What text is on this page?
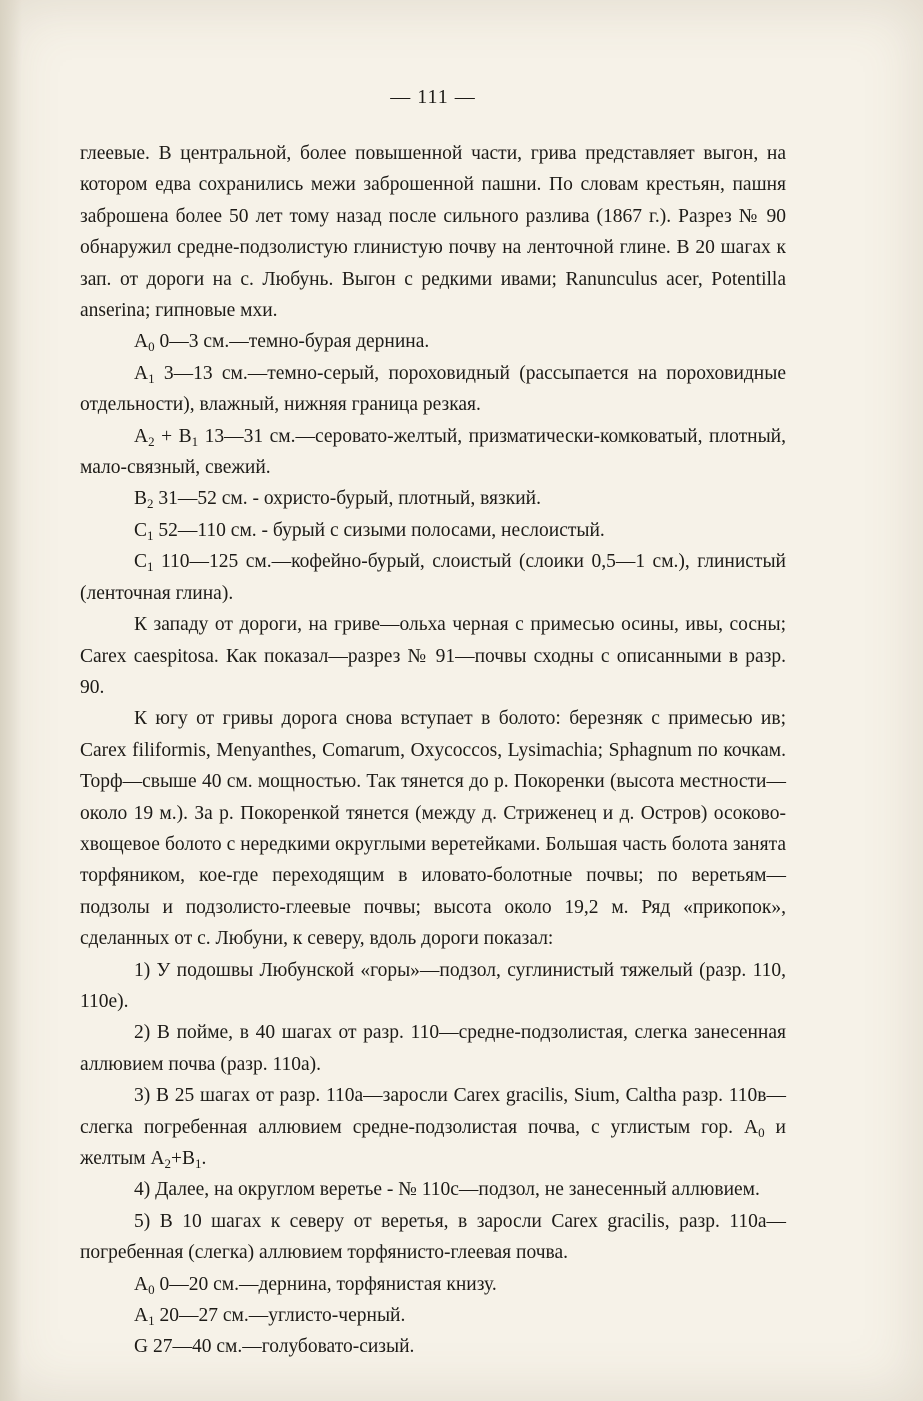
— 111 —

глеевые. В центральной, более повышенной части, грива представляет выгон, на котором едва сохранились межи заброшенной пашни. По словам крестьян, пашня заброшена более 50 лет тому назад после сильного разлива (1867 г.). Разрез № 90 обнаружил средне-подзолистую глинистую почву на ленточной глине. В 20 шагах к зап. от дороги на с. Любунь. Выгон с редкими ивами; Ranunculus acer, Potentilla anserina; гипновые мхи.

$A_0$ 0—3 см.—темно-бурая дернина.

$A_1$ 3—13 см.—темно-серый, пороховидный (рассыпается на пороховидные отдельности), влажный, нижняя граница резкая.

$A_2 + B_1$ 13—31 см.—серовато-желтый, призматически-комковатый, плотный, мало-связный, свежий.

$B_2$ 31—52 см. - охристо-бурый, плотный, вязкий.

$C_1$ 52—110 см. - бурый с сизыми полосами, неслоистый.

$C_1$ 110—125 см.—кофейно-бурый, слоистый (слоики 0,5—1 см.), глинистый (ленточная глина).

К западу от дороги, на гриве—ольха черная с примесью осины, ивы, сосны; Carex caespitosa. Как показал—разрез № 91—почвы сходны с описанными в разр. 90.

К югу от гривы дорога снова вступает в болото: березняк с примесью ив; Carex filiformis, Menyanthes, Comarum, Oxycoccos, Lysimachia; Sphagnum по кочкам. Торф—свыше 40 см. мощностью. Так тянется до р. Покоренки (высота местности—около 19 м.). За р. Покоренкой тянется (между д. Стриженец и д. Остров) осоково-хвощевое болото с нередкими округлыми веретейками. Большая часть болота занята торфяником, кое-где переходящим в иловато-болотные почвы; по веретьям—подзолы и подзолисто-глеевые почвы; высота около 19,2 м. Ряд «прикопок», сделанных от с. Любуни, к северу, вдоль дороги показал:

1) У подошвы Любунской «горы»—подзол, суглинистый тяжелый (разр. 110, 110е).

2) В пойме, в 40 шагах от разр. 110—средне-подзолистая, слегка занесенная аллювием почва (разр. 110а).

3) В 25 шагах от разр. 110а—заросли Carex gracilis, Sium, Caltha разр. 110в—слегка погребенная аллювием средне-подзолистая почва, с углистым гор. $A_0$ и желтым $A_2+B_1$.

4) Далее, на округлом веретье - № 110с—подзол, не занесенный аллювием.

5) В 10 шагах к северу от веретья, в заросли Carex gracilis, разр. 110а—погребенная (слегка) аллювием торфянисто-глеевая почва.

$A_0$ 0—20 см.—дернина, торфянистая книзу.

$A_1$ 20—27 см.—углисто-черный.

G 27—40 см.—голубовато-сизый.
